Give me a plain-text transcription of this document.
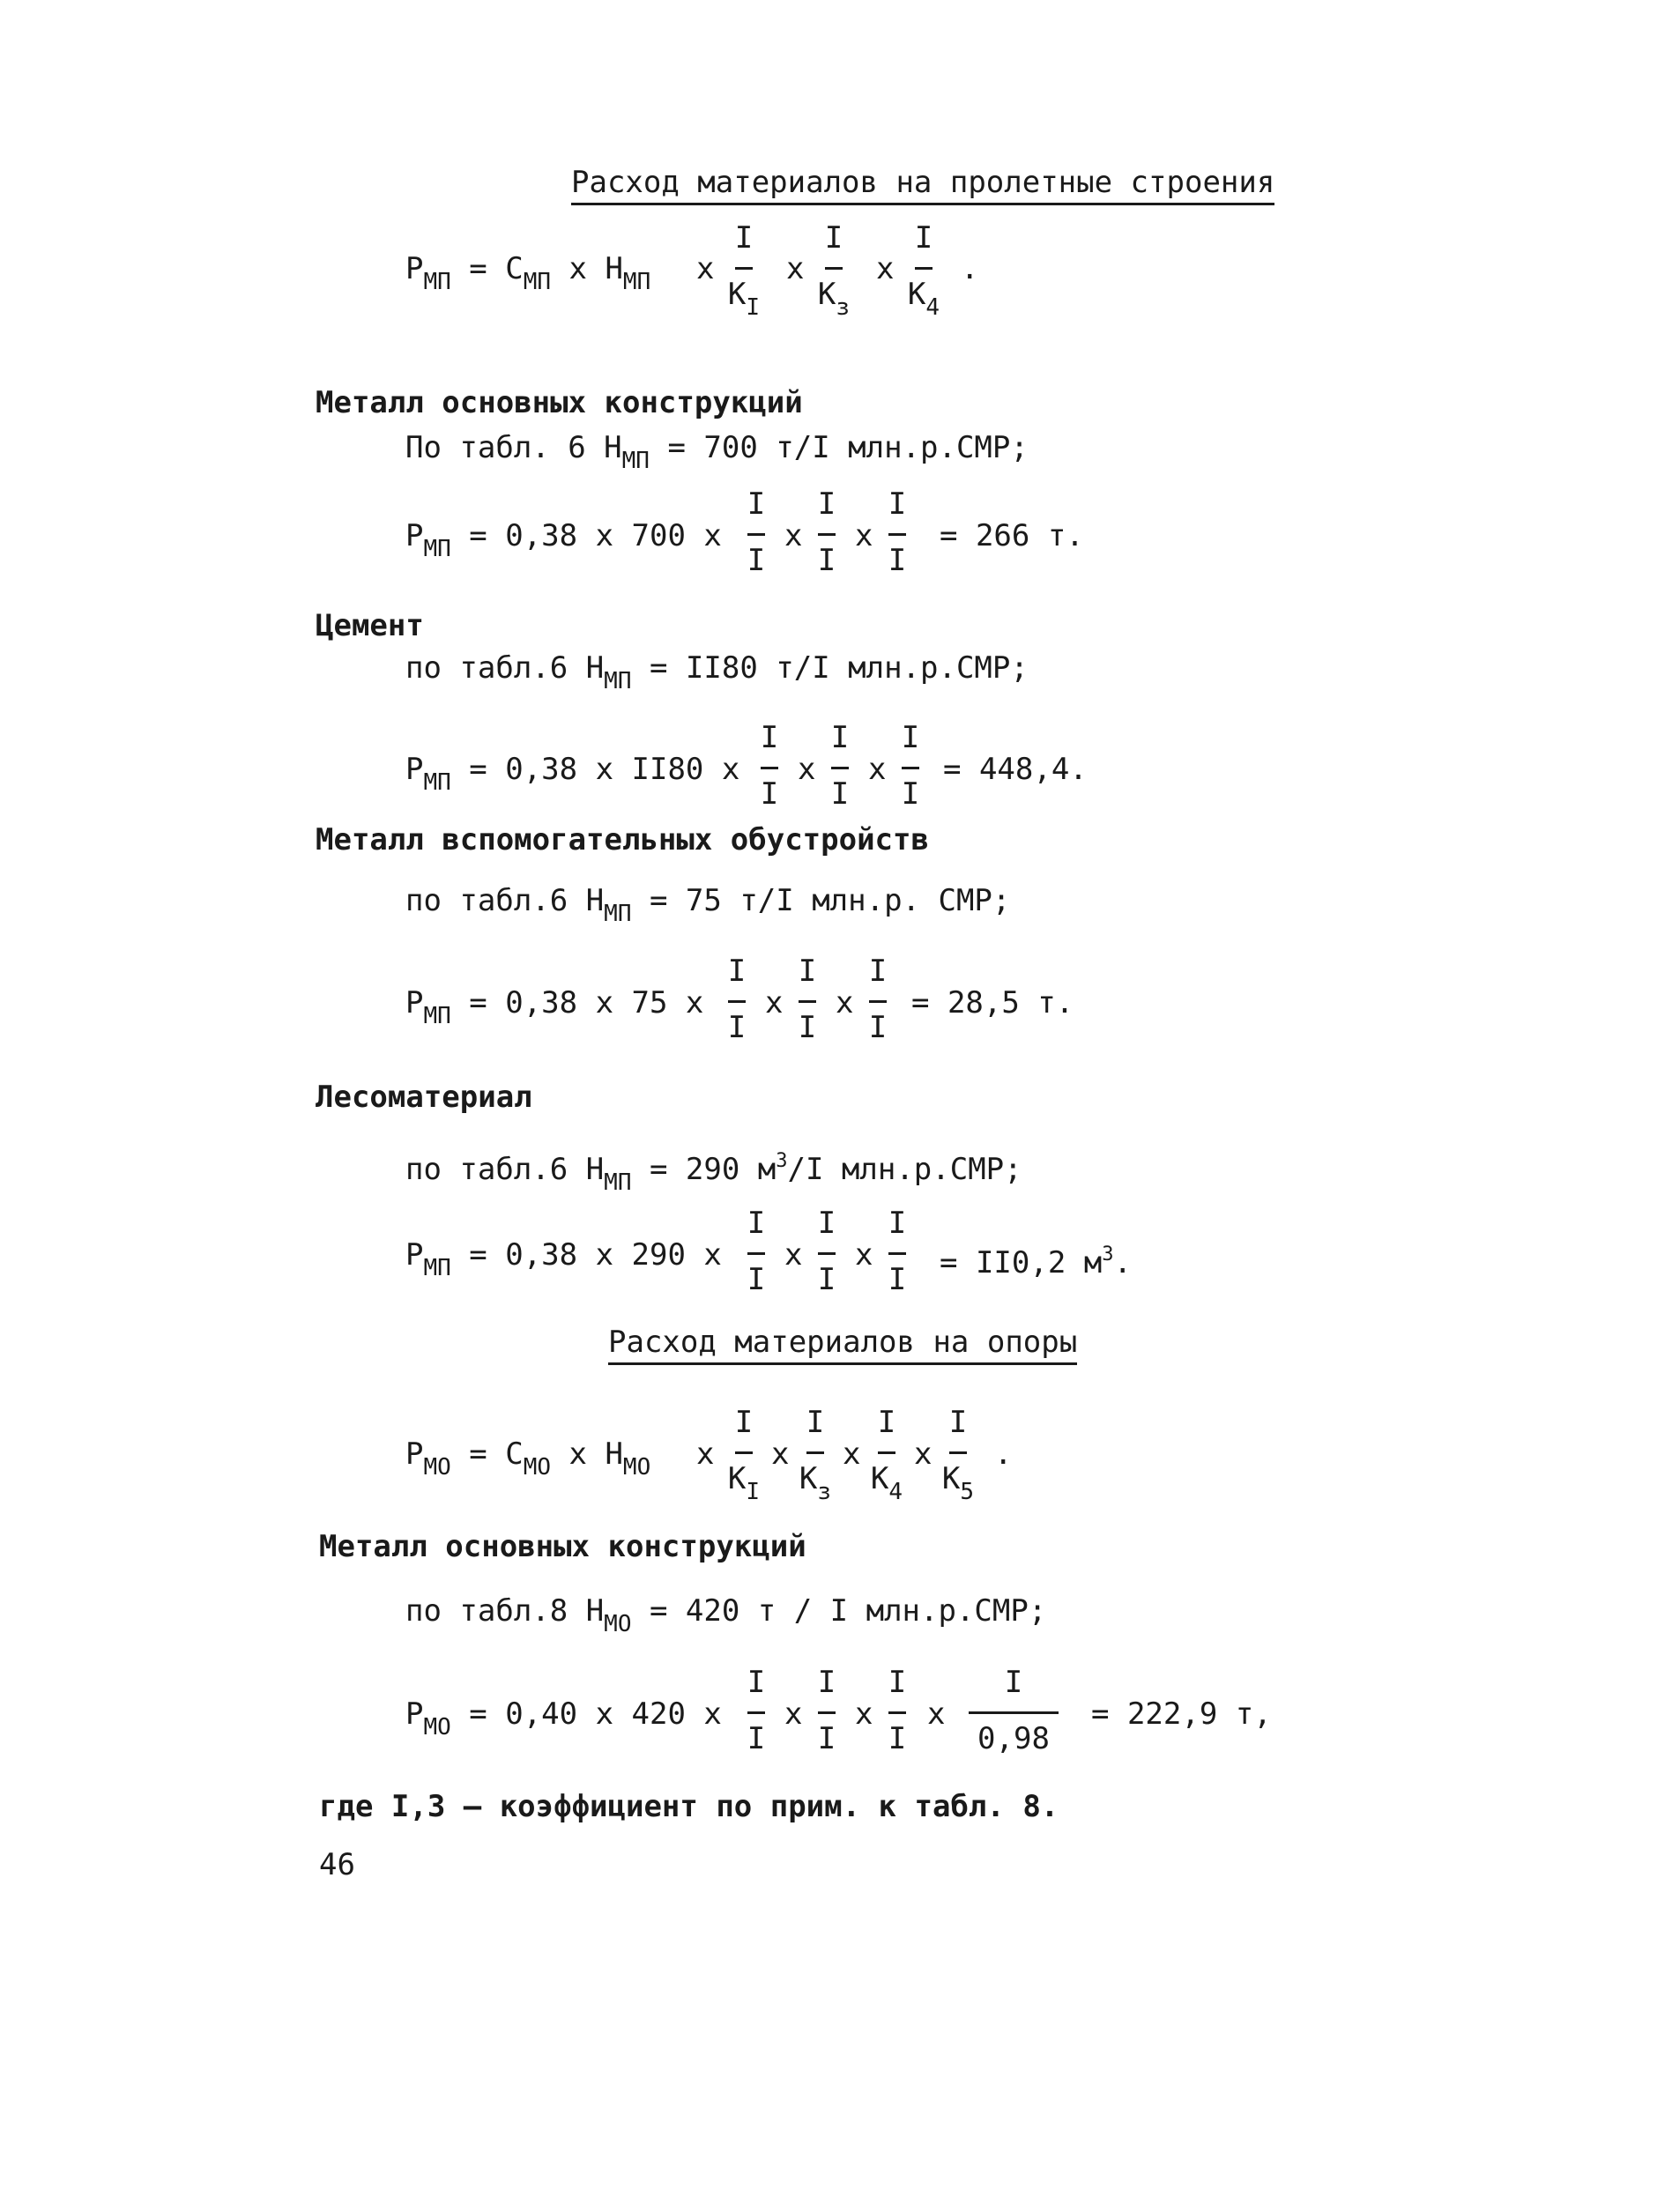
Расход материалов на пролетные строения
$P_{МП} = C_{МП}$ x $H_{МП}$ x
I
$K_I$
x
I
$K_з$
x
I
$K_4$
.
Металл основных конструкций
По табл. 6 $H_{МП} = 700$ т/I млн.р.СМР;
$P_{МП} = 0,38$ x 700 x
I
I
x
I
I
x
I
I
= 266 т.
Цемент
по табл.6 $H_{МП} = II80$ т/I млн.р.СМР;
$P_{МП} = 0,38$ x II80 x
I
I
x
I
I
x
I
I
= 448,4.
Металл вспомогательных обустройств
по табл.6 $H_{МП} = 75$ т/I млн.р. СМР;
$P_{МП} = 0,38$ x 75 x
I
I
x
I
I
x
I
I
= 28,5 т.
Лесоматериал
по табл.6 $H_{МП} = 290$ $м^3/I$ млн.р.СМР;
$P_{МП} = 0,38$ x 290 x
I
I
x
I
I
x
I
I	= II0,2 $м^3$.
Расход материалов на опоры
$P_{МО} = C_{МО}$ x $H_{МО}$ x
I
$K_I$
x
I
$K_з$
x
I
$K_4$
x
I
$K_5$
.
Металл основных конструкций
по табл.8 $H_{МО} = 420$ т / I млн.р.СМР;
$P_{МО} = 0,40$ x 420 x
I
I
x
I
I
x
I
I
x
I
0,98
= 222,9 т,
где I,3 – коэффициент по прим. к табл. 8.
46
